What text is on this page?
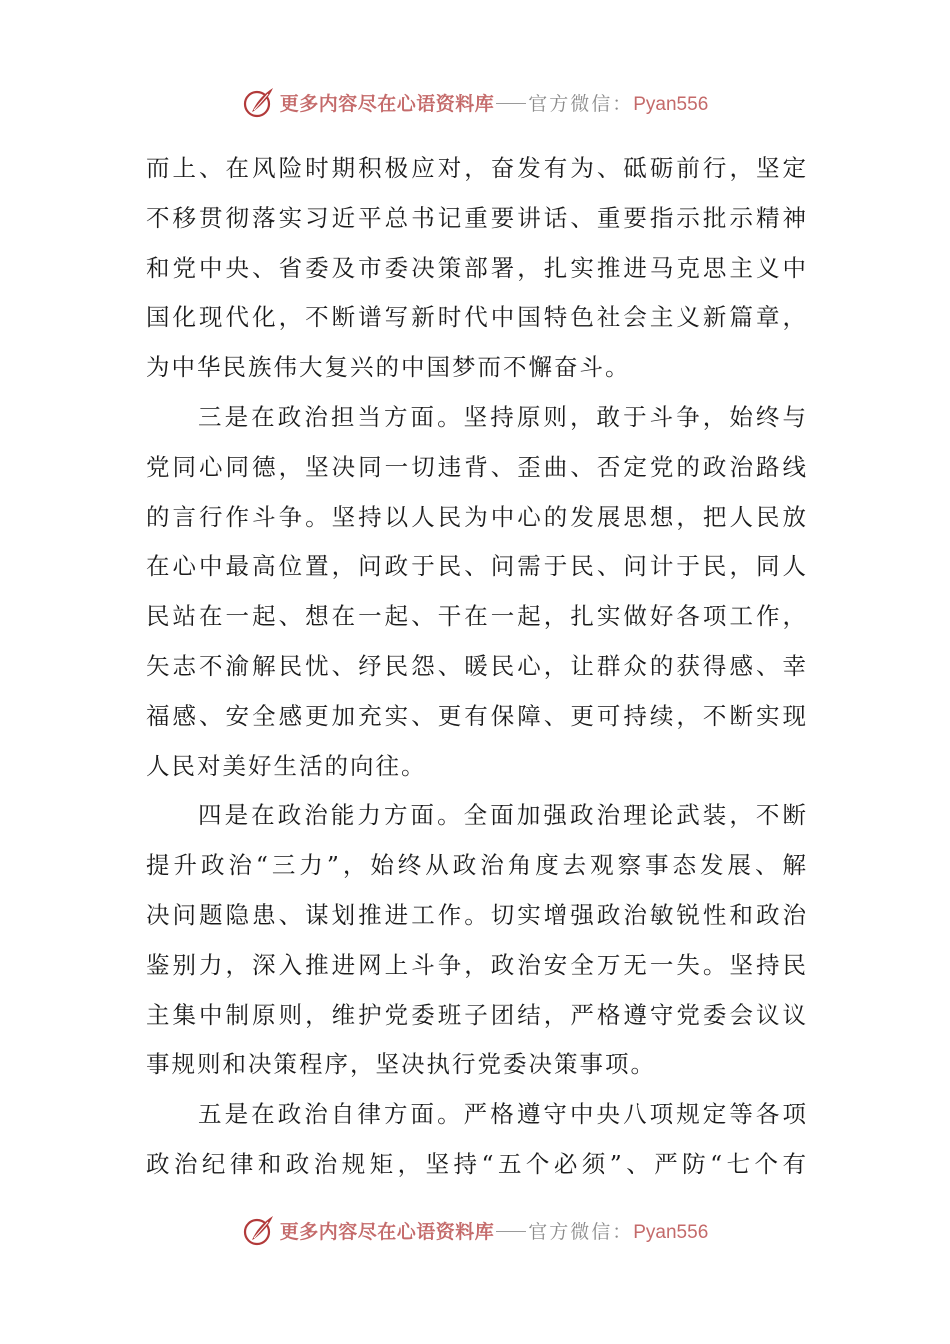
更多内容尽在心语资料库 官方微信： Pyan556
而上、在风险时期积极应对，奋发有为、砥砺前行，坚定
不移贯彻落实习近平总书记重要讲话、重要指示批示精神
和党中央、省委及市委决策部署，扎实推进马克思主义中
国化现代化，不断谱写新时代中国特色社会主义新篇章，
为中华民族伟大复兴的中国梦而不懈奋斗。
三是在政治担当方面。坚持原则，敢于斗争，始终与
党同心同德，坚决同一切违背、歪曲、否定党的政治路线
的言行作斗争。坚持以人民为中心的发展思想，把人民放
在心中最高位置，问政于民、问需于民、问计于民，同人
民站在一起、想在一起、干在一起，扎实做好各项工作，
矢志不渝解民忧、纾民怨、暖民心，让群众的获得感、幸
福感、安全感更加充实、更有保障、更可持续，不断实现
人民对美好生活的向往。
四是在政治能力方面。全面加强政治理论武装，不断
提升政治“三力”，始终从政治角度去观察事态发展、解
决问题隐患、谋划推进工作。切实增强政治敏锐性和政治
鉴别力，深入推进网上斗争，政治安全万无一失。坚持民
主集中制原则，维护党委班子团结，严格遵守党委会议议
事规则和决策程序，坚决执行党委决策事项。
五是在政治自律方面。严格遵守中央八项规定等各项
政治纪律和政治规矩，坚持“五个必须”、严防“七个有
更多内容尽在心语资料库 官方微信： Pyan556
